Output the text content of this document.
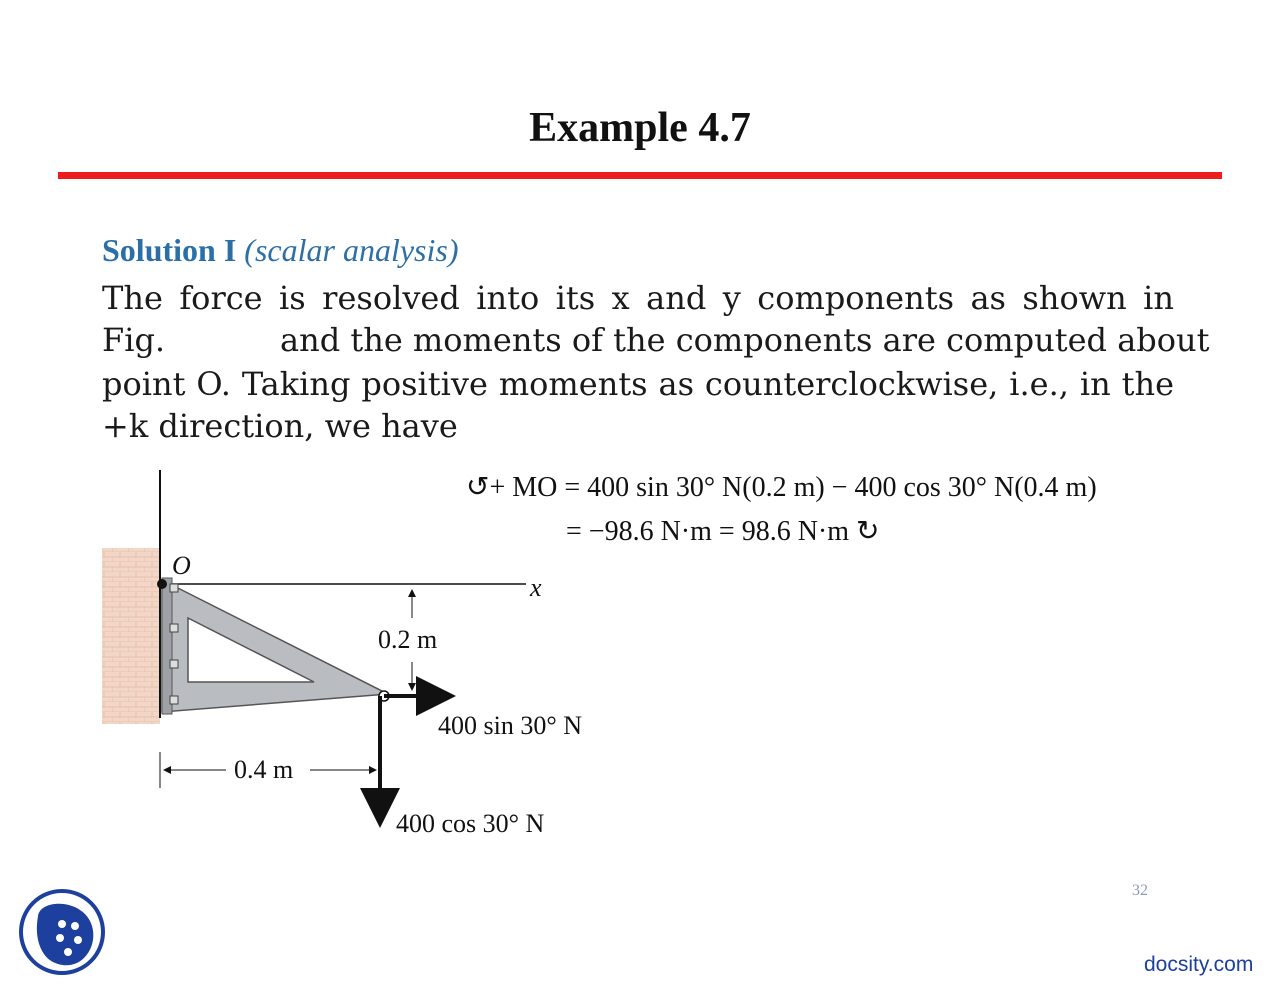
Example 4.7
Solution I (scalar analysis)
The force is resolved into its x and y components as shown in
Fig.	and the moments of the components are computed about
point O. Taking positive moments as counterclockwise, i.e., in the
+k direction, we have
↺+ MO = 400 sin 30° N(0.2 m) − 400 cos 30° N(0.4 m)
= −98.6 N·m = 98.6 N·m ↻
O
x
0.2 m
0.4 m
400 sin 30° N
400 cos 30° N
32
docsity.com
